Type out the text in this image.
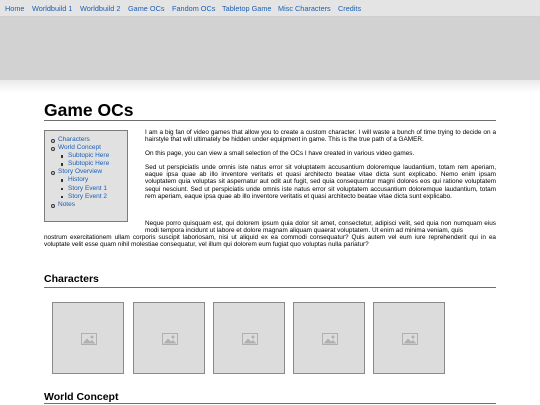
Home Worldbuild 1 Worldbuild 2 Game OCs Fandom OCs Tabletop Game Misc Characters Credits
Game OCs
Characters
World Concept
Subtopic Here
Subtopic Here
Story Overview
History
Story Event 1
Story Event 2
Notes

I am a big fan of video games that allow you to create a custom character. I will waste a bunch of time trying to decide on a hairstyle that will ultimately be hidden under equipment in game. This is the true path of a GAMER.

On this page, you can view a small selection of the OCs I have created in various video games.

Sed ut perspiciatis unde omnis iste natus error sit voluptatem accusantium doloremque laudantium, totam rem aperiam, eaque ipsa quae ab illo inventore veritatis et quasi architecto beatae vitae dicta sunt explicabo. Nemo enim ipsam voluptatem quia voluptas sit aspernatur aut odit aut fugit, sed quia consequuntur magni dolores eos qui ratione voluptatem sequi nesciunt. Sed ut perspiciatis unde omnis iste natus error sit voluptatem accusantium doloremque laudantium, totam rem aperiam, eaque ipsa quae ab illo inventore veritatis et quasi architecto beatae vitae dicta sunt explicabo.

Neque porro quisquam est, qui dolorem ipsum quia dolor sit amet, consectetur, adipisci velit, sed quia non numquam eius modi tempora incidunt ut labore et dolore magnam aliquam quaerat voluptatem. Ut enim ad minima veniam, quis

nostrum exercitationem ullam corporis suscipit laboriosam, nisi ut aliquid ex ea commodi consequatur? Quis autem vel eum iure reprehenderit qui in ea voluptate velit esse quam nihil molestiae consequatur, vel illum qui dolorem eum fugiat quo voluptas nulla pariatur?

Characters
World Concept
